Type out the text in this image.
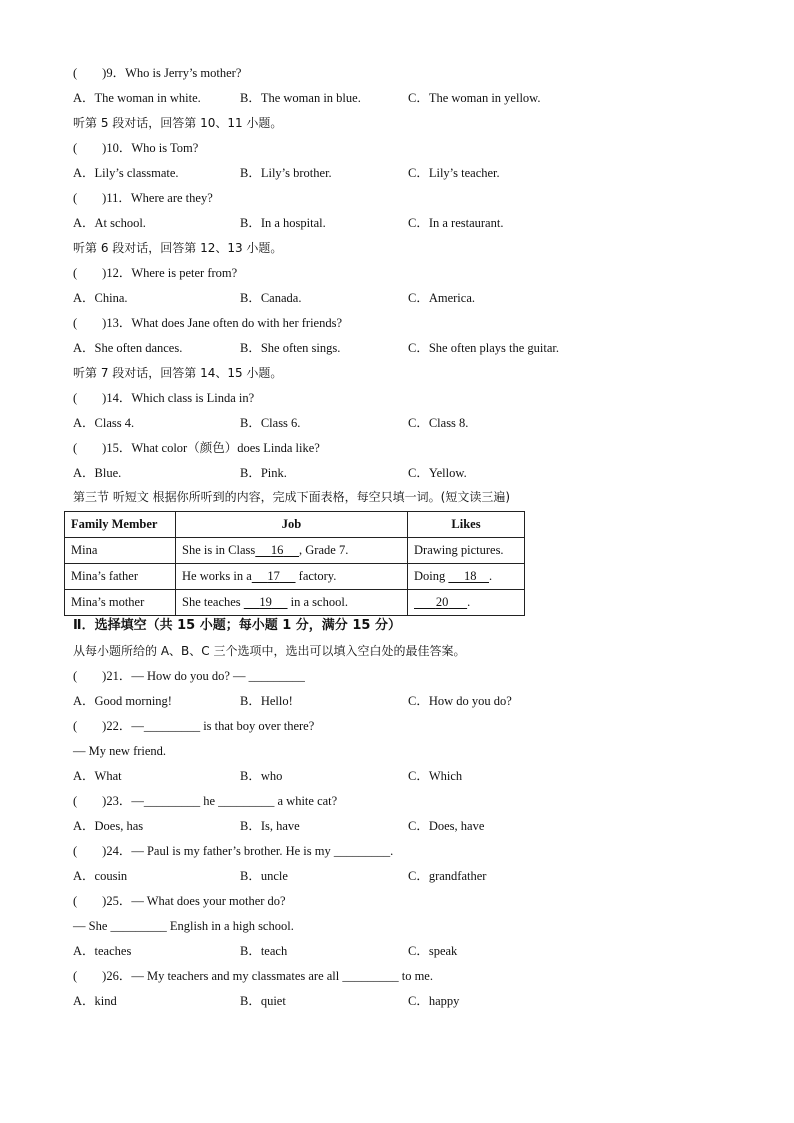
(　　)9．Who is Jerry’s mother?
A．The woman in white.	B．The woman in blue.	C．The woman in yellow.
听第 5 段对话，回答第 10、11 小题。
(　　)10．Who is Tom?
A．Lily’s classmate.	B．Lily’s brother.	C．Lily’s teacher.
(　　)11．Where are they?
A．At school.	B．In a hospital.	C．In a restaurant.
听第 6 段对话，回答第 12、13 小题。
(　　)12．Where is peter from?
A．China.	B．Canada.	C．America.
(　　)13．What does Jane often do with her friends?
A．She often dances.	B．She often sings.	C．She often plays the guitar.
听第 7 段对话，回答第 14、15 小题。
(　　)14．Which class is Linda in?
A．Class 4.	B．Class 6.	C．Class 8.
(　　)15．What color（颜色）does Linda like?
A．Blue.	B．Pink.	C．Yellow.
第三节 听短文 根据你所听到的内容，完成下面表格，每空只填一词。(短文读三遍)
Family Member	Job	Likes
Mina	She is in Class 16 , Grade 7.	Drawing pictures.
Mina’s father	He works in a 17      factory.	Doing      18 .
Mina’s mother	She teaches      19      in a school.	20 .
Ⅱ．选择填空（共 15 小题；每小题 1 分，满分 15 分）
从每小题所给的 A、B、C 三个选项中，选出可以填入空白处的最佳答案。
(　　)21．— How do you do? — _________
A．Good morning!	B．Hello!	C．How do you do?
(　　)22．—_________ is that boy over there?
— My new friend.
A．What	B．who	C．Which
(　　)23．—_________ he _________ a white cat?
A．Does, has	B．Is, have	C．Does, have
(　　)24．— Paul is my father’s brother. He is my _________.
A．cousin	B．uncle	C．grandfather
(　　)25．— What does your mother do?
— She _________ English in a high school.
A．teaches	B．teach	C．speak
(　　)26．— My teachers and my classmates are all _________ to me.
A．kind	B．quiet	C．happy
